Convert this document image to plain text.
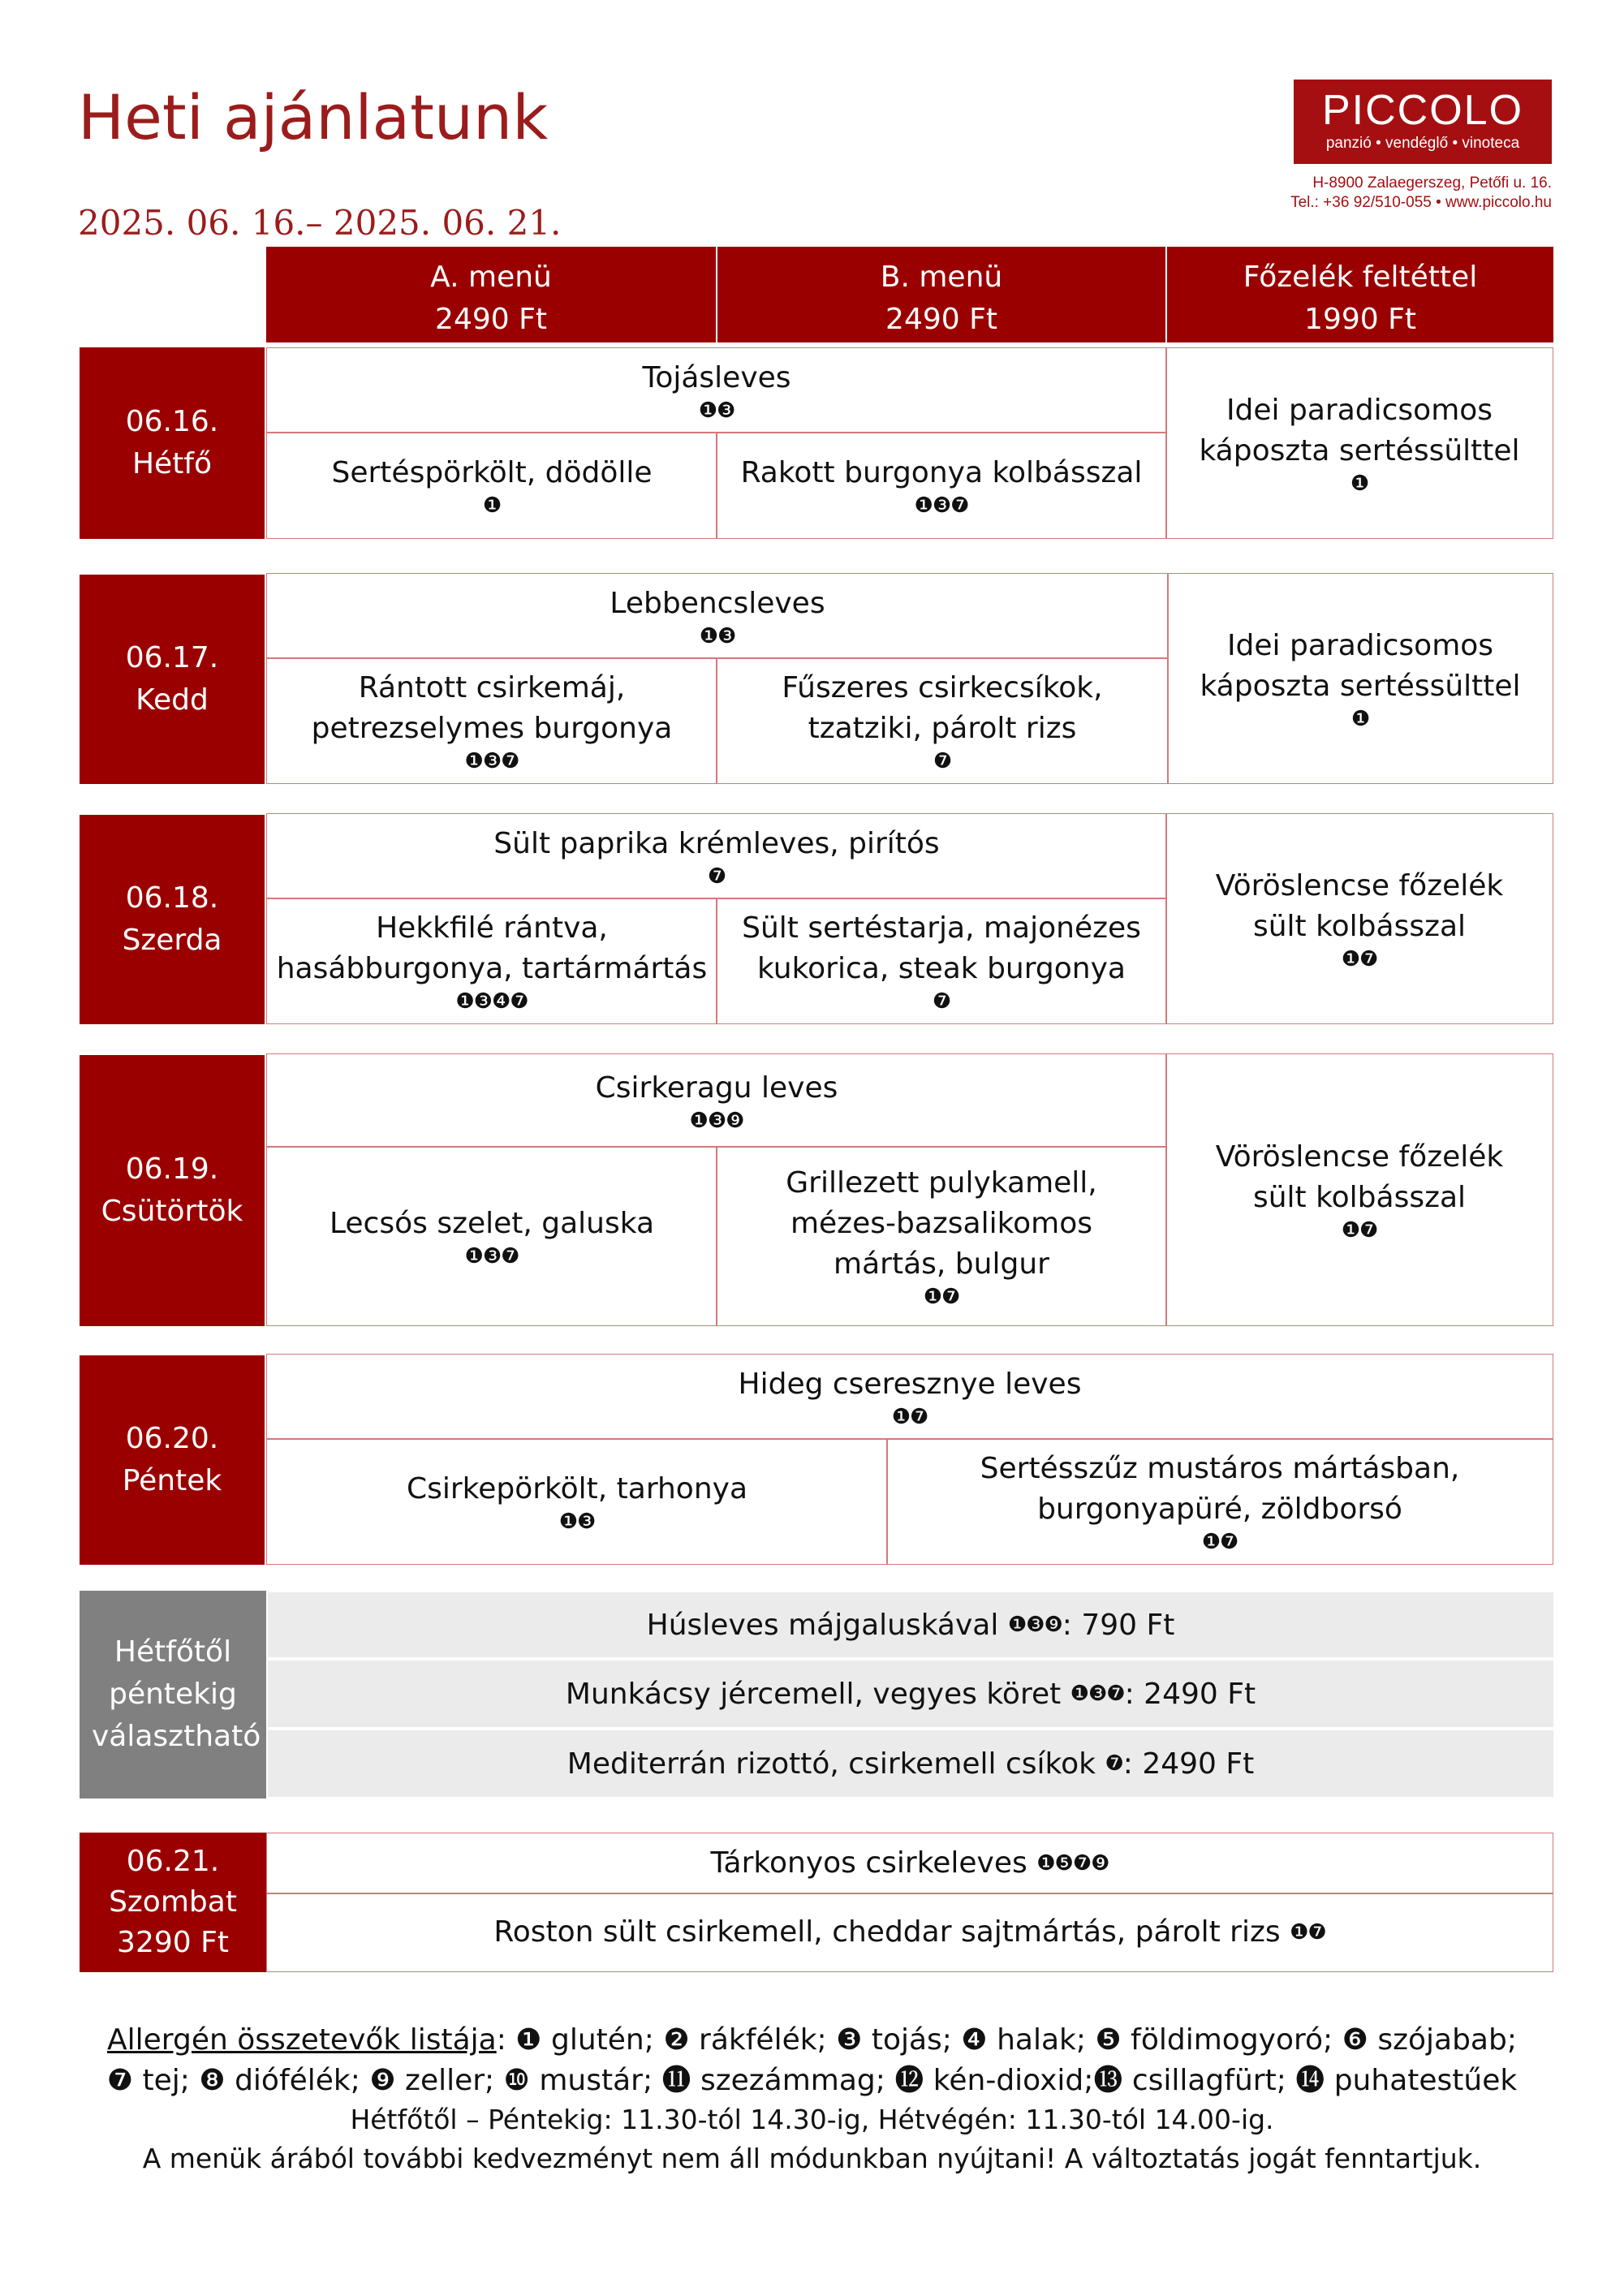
Heti ajánlatunk
2025. 06. 16.– 2025. 06. 21.
PICCOLO
panzió • vendéglő • vinoteca
H-8900 Zalaegerszeg, Petőfi u. 16.
Tel.: +36 92/510-055 • www.piccolo.hu
A. menü
2490 Ft
B. menü
2490 Ft
Főzelék feltéttel
1990 Ft
06.16.
Hétfő
Tojásleves
❶❸
Sertéspörkölt, dödölle
❶
Rakott burgonya kolbásszal
❶❸❼
Idei paradicsomos káposzta sertéssülttel
❶
06.17.
Kedd
Lebbencsleves
❶❸
Rántott csirkemáj, petrezselymes burgonya
❶❸❼
Fűszeres csirkecsíkok, tzatziki, párolt rizs
❼
Idei paradicsomos káposzta sertéssülttel
❶
06.18.
Szerda
Sült paprika krémleves, pirítós
❼
Hekkfilé rántva, hasábburgonya, tartármártás
❶❸❹❼
Sült sertéstarja, majonézes kukorica, steak burgonya
❼
Vöröslencse főzelék sült kolbásszal
❶❼
06.19.
Csütörtök
Csirkeragu leves
❶❸❾
Lecsós szelet, galuska
❶❸❼
Grillezett pulykamell, mézes-bazsalikomos mártás, bulgur
❶❼
Vöröslencse főzelék sült kolbásszal
❶❼
06.20.
Péntek
Hideg cseresznye leves
❶❼
Csirkepörkölt, tarhonya
❶❸
Sertésszűz mustáros mártásban, burgonyapüré, zöldborsó
❶❼
Hétfőtől péntekig választható
Húsleves májgaluskával
❶❸❾ : 790 Ft
Munkácsy jércemell, vegyes köret
❶❸❼ : 2490 Ft
Mediterrán rizottó, csirkemell csíkok
❼ : 2490 Ft
06.21.
Szombat
3290 Ft
Tárkonyos csirkeleves
❶❺❼❾
Roston sült csirkemell, cheddar sajtmártás, párolt rizs
❶❼
Allergén összetevők listája: ❶ glutén; ❷ rákfélék; ❸ tojás; ❹ halak; ❺ földimogyoró; ❻ szójabab;
❼ tej; ❽ diófélék; ❾ zeller; ❿ mustár; ⓫ szezámmag; ⓬ kén-dioxid;⓭ csillagfürt; ⓮ puhatestűek
Hétfőtől – Péntekig: 11.30-tól 14.30-ig, Hétvégén: 11.30-tól 14.00-ig.
A menük árából további kedvezményt nem áll módunkban nyújtani! A változtatás jogát fenntartjuk.
